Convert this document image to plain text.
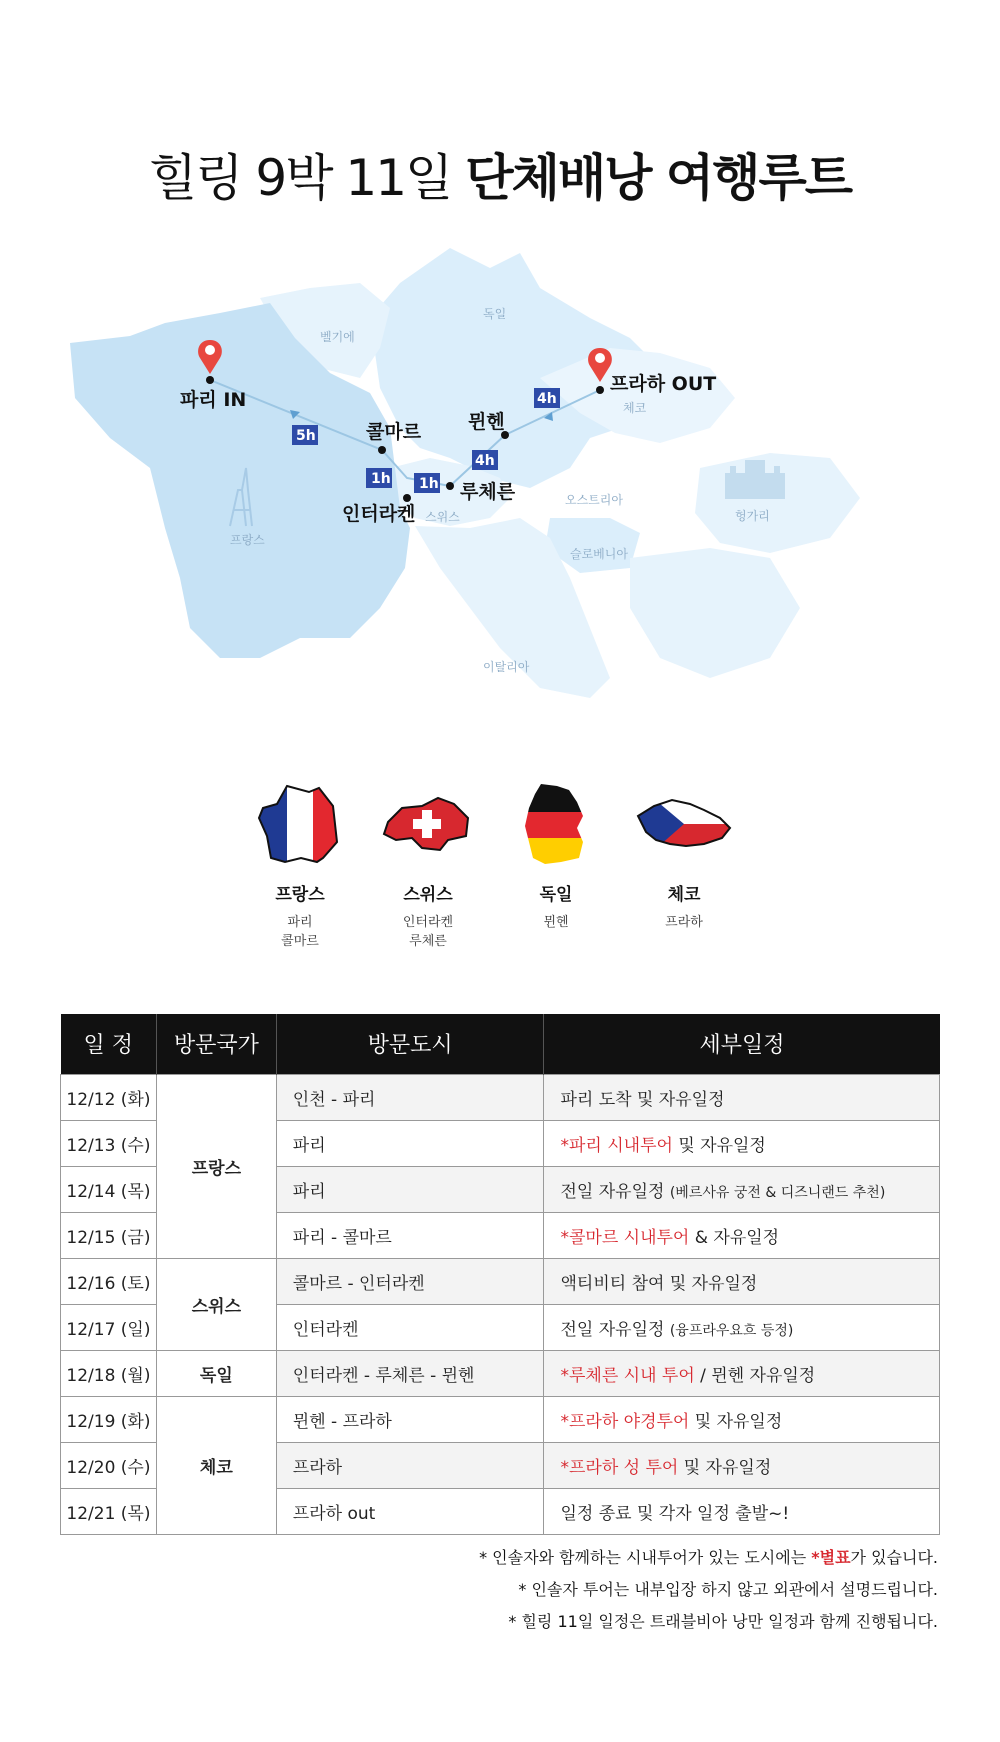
힐링 9박 11일 단체배낭 여행루트
벨기에
독일
체코
오스트리아
헝가리
스위스
슬로베니아
이탈리아
프랑스
파리 IN
프라하 OUT
콜마르
인터라켄
루체른
뮌헨
5h
1h 1h
4h
4h
프랑스
파리
콜마르
스위스
인터라켄
루체른
독일
뮌헨
체코
프라하
일 정	방문국가	방문도시	세부일정
12/12 (화)	프랑스	인천 - 파리	파리 도착 및 자유일정
12/13 (수)		파리	*파리 시내투어 및 자유일정
12/14 (목)		파리	전일 자유일정 (베르사유 궁전 & 디즈니랜드 추천)
12/15 (금)		파리 - 콜마르	*콜마르 시내투어 & 자유일정
12/16 (토)	스위스	콜마르 - 인터라켄	액티비티 참여 및 자유일정
12/17 (일)		인터라켄	전일 자유일정 (융프라우요흐 등정)
12/18 (월)	독일	인터라켄 - 루체른 - 뮌헨	*루체른 시내 투어 / 뮌헨 자유일정
12/19 (화)	체코	뮌헨 - 프라하	*프라하 야경투어 및 자유일정
12/20 (수)		프라하	*프라하 성 투어 및 자유일정
12/21 (목)		프라하 out	일정 종료 및 각자 일정 출발~!
* 인솔자와 함께하는 시내투어가 있는 도시에는 *별표가 있습니다.
* 인솔자 투어는 내부입장 하지 않고 외관에서 설명드립니다.
* 힐링 11일 일정은 트래블비아 낭만 일정과 함께 진행됩니다.
